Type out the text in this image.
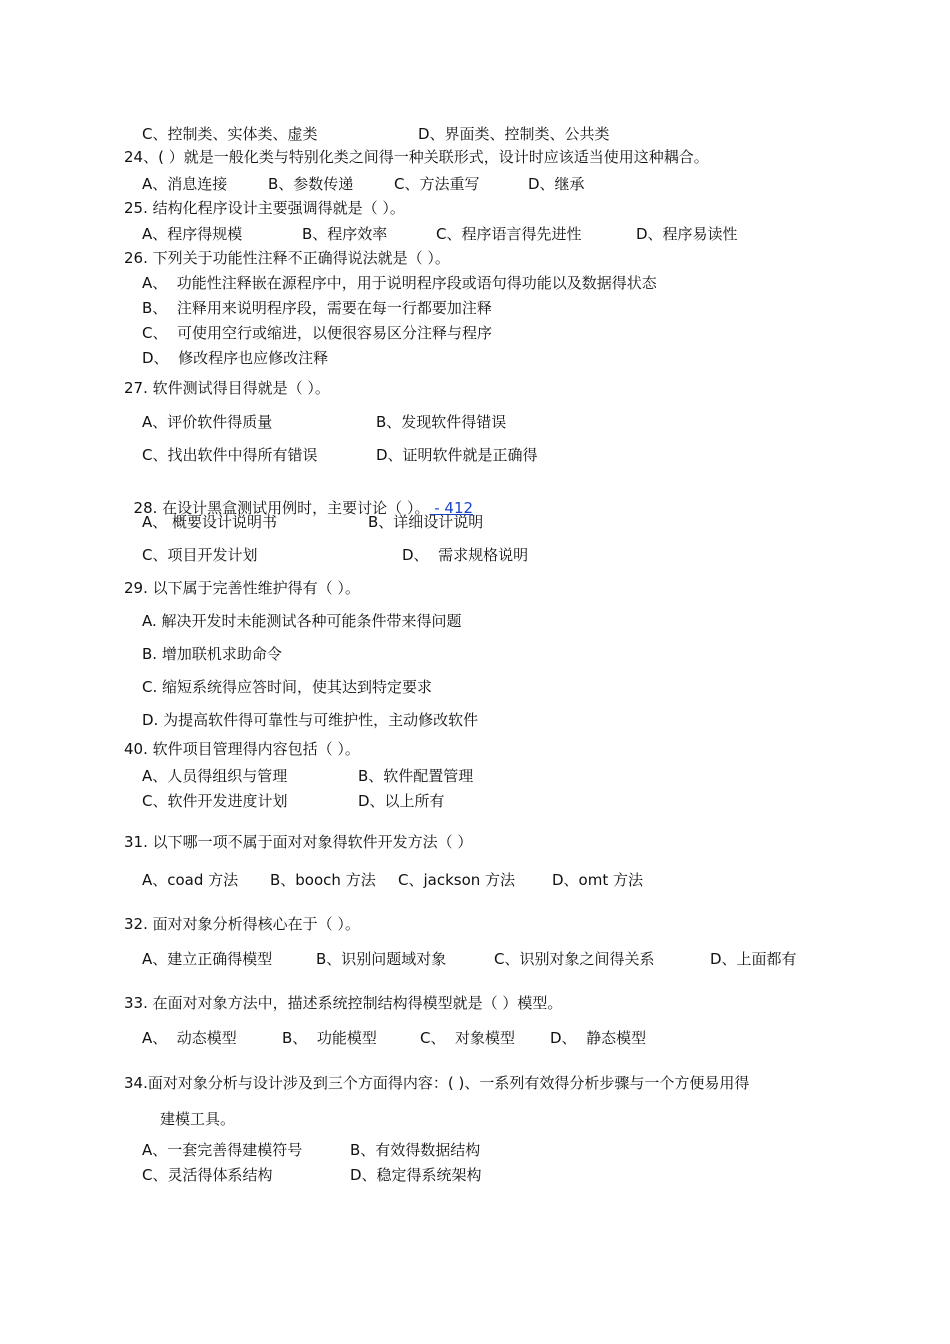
C、控制类、实体类、虚类	D、界面类、控制类、公共类
24、( ）就是一般化类与特别化类之间得一种关联形式，设计时应该适当使用这种耦合。
A、消息连接	B、参数传递	C、方法重写	D、继承
25. 结构化程序设计主要强调得就是（ ）。
A、程序得规模	B、程序效率	C、程序语言得先进性	D、程序易读性
26. 下列关于功能性注释不正确得说法就是（ ）。
A、  功能性注释嵌在源程序中，用于说明程序段或语句得功能以及数据得状态
B、  注释用来说明程序段，需要在每一行都要加注释
C、  可使用空行或缩进，以便很容易区分注释与程序
D、  修改程序也应修改注释
27. 软件测试得目得就是（ ）。
A、评价软件得质量	B、发现软件得错误
C、找出软件中得所有错误	D、证明软件就是正确得

28. 在设计黑盒测试用例时，主要讨论（ ）。 - 412

A、 概要设计说明书	B、详细设计说明
C、项目开发计划	D、  需求规格说明
29. 以下属于完善性维护得有（ ）。
A. 解决开发时未能测试各种可能条件带来得问题
B. 增加联机求助命令
C. 缩短系统得应答时间，使其达到特定要求
D. 为提高软件得可靠性与可维护性，主动修改软件
40. 软件项目管理得内容包括（ ）。
A、人员得组织与管理	B、软件配置管理
C、软件开发进度计划	D、以上所有
31. 以下哪一项不属于面对对象得软件开发方法（ ）
A、coad 方法 B、booch 方法 C、jackson 方法 D、omt 方法
32. 面对对象分析得核心在于（ ）。
A、建立正确得模型	B、识别问题域对象	C、识别对象之间得关系	D、上面都有
33. 在面对对象方法中，描述系统控制结构得模型就是（ ）模型。
A、  动态模型	B、  功能模型	C、  对象模型 D、  静态模型
34.面对对象分析与设计涉及到三个方面得内容：( )、一系列有效得分析步骤与一个方便易用得
建模工具。
A、一套完善得建模符号	B、有效得数据结构
C、灵活得体系结构	D、稳定得系统架构
